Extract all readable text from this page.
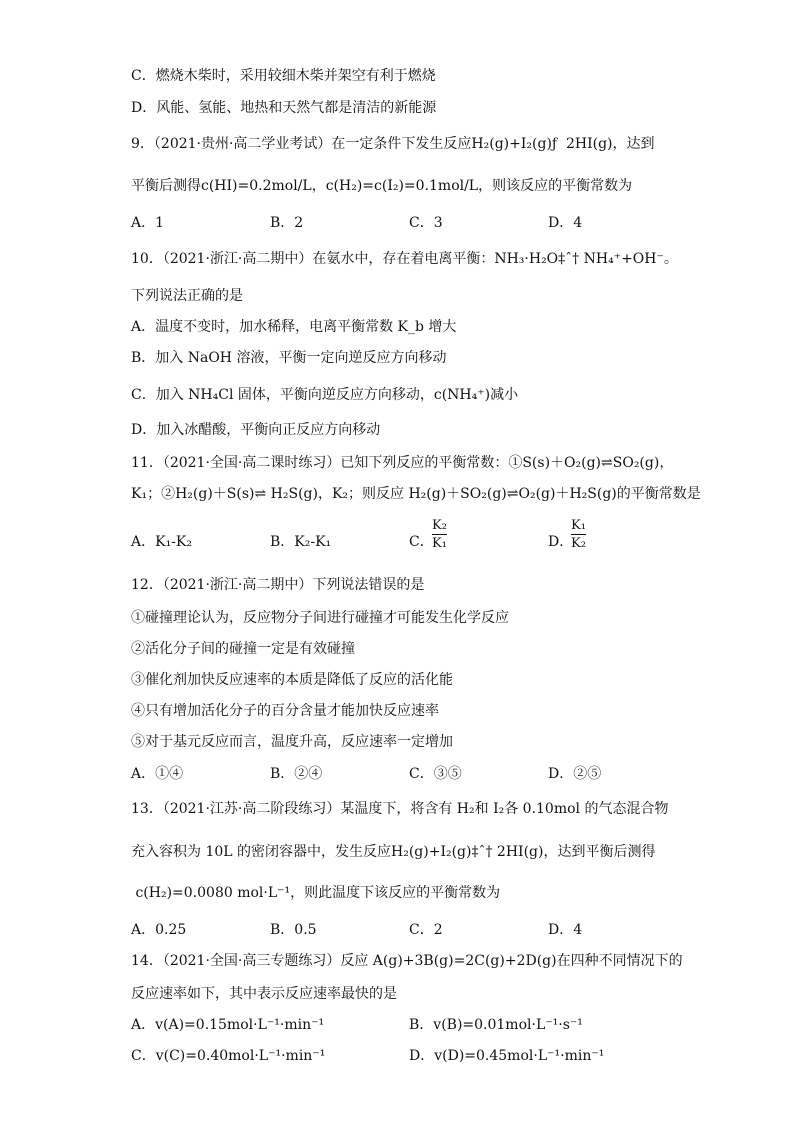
C．燃烧木柴时，采用较细木柴并架空有利于燃烧
D．风能、氢能、地热和天然气都是清洁的新能源
9．（2021·贵州·高二学业考试）在一定条件下发生反应H₂(g)+I₂(g)ƒ  2HI(g)，达到
平衡后测得c(HI)=0.2mol/L，c(H₂)=c(I₂)=0.1mol/L，则该反应的平衡常数为
A．1	B．2	C．3	D．4
10．（2021·浙江·高二期中）在氨水中，存在着电离平衡：NH₃·H₂O‡ˆ† NH₄⁺+OH⁻。
下列说法正确的是
A．温度不变时，加水稀释，电离平衡常数 K_b 增大
B．加入 NaOH 溶液，平衡一定向逆反应方向移动
C．加入 NH₄Cl 固体，平衡向逆反应方向移动，c(NH₄⁺)减小
D．加入冰醋酸，平衡向正反应方向移动
11．（2021·全国·高二课时练习）已知下列反应的平衡常数：①S(s)＋O₂(g)⇌SO₂(g)，
K₁；②H₂(g)＋S(s)⇌ H₂S(g)，K₂；则反应 H₂(g)＋SO₂(g)⇌O₂(g)＋H₂S(g)的平衡常数是
A．K₁-K₂	B．K₂-K₁	C．
K₂
K₁	D．
K₁
K₂
12．（2021·浙江·高二期中）下列说法错误的是
①碰撞理论认为，反应物分子间进行碰撞才可能发生化学反应
②活化分子间的碰撞一定是有效碰撞
③催化剂加快反应速率的本质是降低了反应的活化能
④只有增加活化分子的百分含量才能加快反应速率
⑤对于基元反应而言，温度升高，反应速率一定增加
A．①④	B．②④	C．③⑤	D．②⑤
13．（2021·江苏·高二阶段练习）某温度下，将含有 H₂和 I₂各 0.10mol 的气态混合物
充入容积为 10L 的密闭容器中，发生反应H₂(g)+I₂(g)‡ˆ† 2HI(g)，达到平衡后测得
c(H₂)=0.0080 mol·L⁻¹，则此温度下该反应的平衡常数为
A．0.25	B．0.5	C．2	D．4
14．（2021·全国·高三专题练习）反应 A(g)+3B(g)=2C(g)+2D(g)在四种不同情况下的
反应速率如下，其中表示反应速率最快的是
A．v(A)=0.15mol·L⁻¹·min⁻¹	B．v(B)=0.01mol·L⁻¹·s⁻¹
C．v(C)=0.40mol·L⁻¹·min⁻¹	D．v(D)=0.45mol·L⁻¹·min⁻¹
